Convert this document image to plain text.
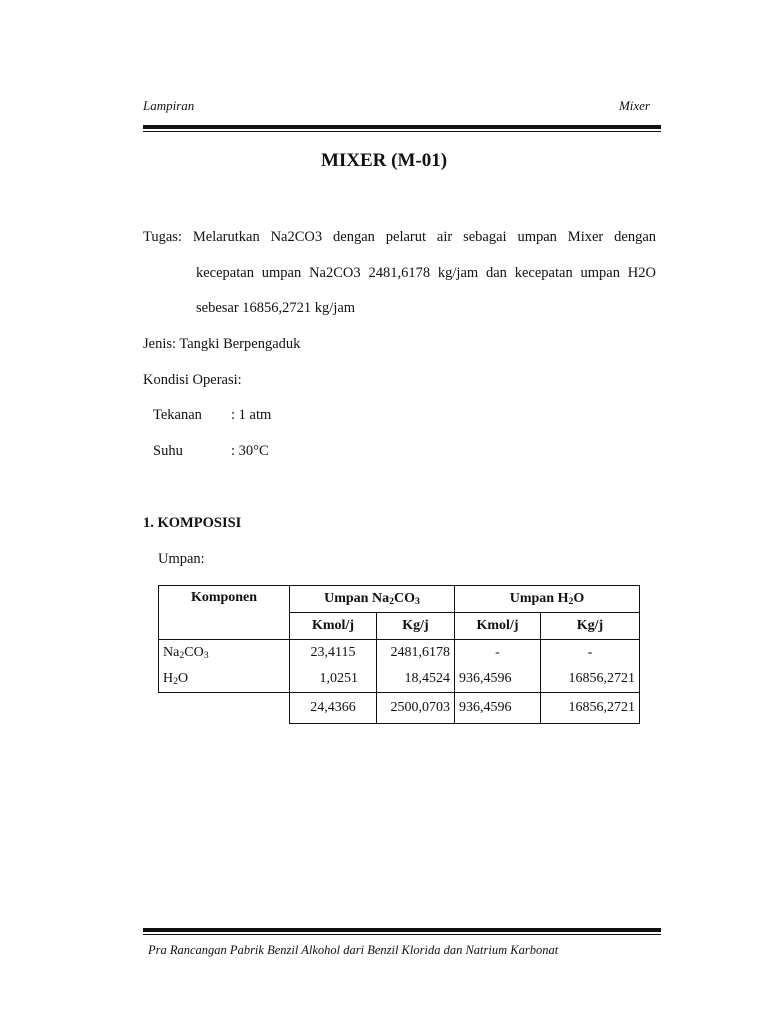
Lampiran	Mixer
MIXER (M-01)
Tugas: Melarutkan Na2CO3 dengan pelarut air sebagai umpan Mixer dengan
kecepatan umpan Na2CO3 2481,6178 kg/jam dan kecepatan umpan H2O
sebesar 16856,2721 kg/jam
Jenis: Tangki Berpengaduk
Kondisi Operasi:
Tekanan : 1 atm
Suhu	: 30°C
1. KOMPOSISI
Umpan:
Komponen	Umpan $Na_2CO_3$		Umpan $H_2O$	
	Kmol/j	Kg/j	Kmol/j	Kg/j
$Na_2CO_3$	23,4115	2481,6178	-	-
$H_2O$	1,0251	18,4524	936,4596	16856,2721
	24,4366	2500,0703	936,4596	16856,2721
Pra Rancangan Pabrik Benzil Alkohol dari Benzil Klorida dan Natrium Karbonat
